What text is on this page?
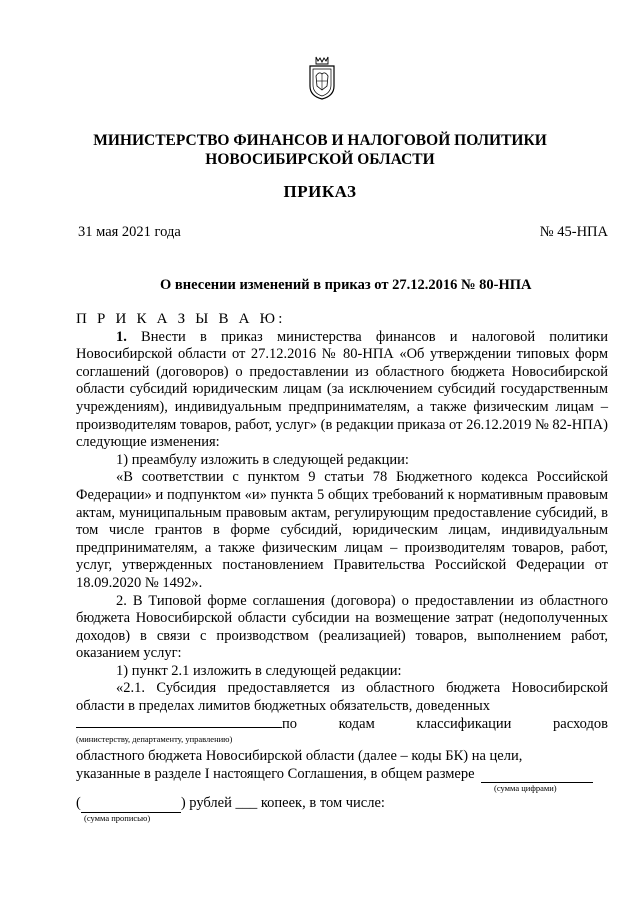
МИНИСТЕРСТВО ФИНАНСОВ И НАЛОГОВОЙ ПОЛИТИКИ
НОВОСИБИРСКОЙ ОБЛАСТИ
ПРИКАЗ
31 мая 2021 года	№ 45-НПА
О внесении изменений в приказ от 27.12.2016 № 80-НПА
П Р И К А З Ы В А Ю:

1. Внести в приказ министерства финансов и налоговой политики Новосибирской области от 27.12.2016 № 80-НПА «Об утверждении типовых форм соглашений (договоров) о предоставлении из областного бюджета Новосибирской области субсидий юридическим лицам (за исключением субсидий государственным учреждениям), индивидуальным предпринимателям, а также физическим лицам – производителям товаров, работ, услуг» (в редакции приказа от 26.12.2019 № 82-НПА) следующие изменения:

1) преамбулу изложить в следующей редакции:

«В соответствии с пунктом 9 статьи 78 Бюджетного кодекса Российской Федерации» и подпунктом «и» пункта 5 общих требований к нормативным правовым актам, муниципальным правовым актам, регулирующим предоставление субсидий, в том числе грантов в форме субсидий, юридическим лицам, индивидуальным предпринимателям, а также физическим лицам – производителям товаров, работ, услуг, утвержденных постановлением Правительства Российской Федерации от 18.09.2020 № 1492».

2. В Типовой форме соглашения (договора) о предоставлении из областного бюджета Новосибирской области субсидии на возмещение затрат (недополученных доходов) в связи с производством (реализацией) товаров, выполнением работ, оказанием услуг:

1) пункт 2.1 изложить в следующей редакции:

«2.1. Субсидия предоставляется из областного бюджета Новосибирской области в пределах лимитов бюджетных обязательств, доведенных

по	кодам	классификации	расходов
(министерству, департаменту, управлению)

областного бюджета Новосибирской области (далее – коды БК) на цели,

указанные в разделе I настоящего Соглашения, в общем размере
(сумма цифрами)
(	) рублей ___ копеек, в том числе:
(сумма прописью)
